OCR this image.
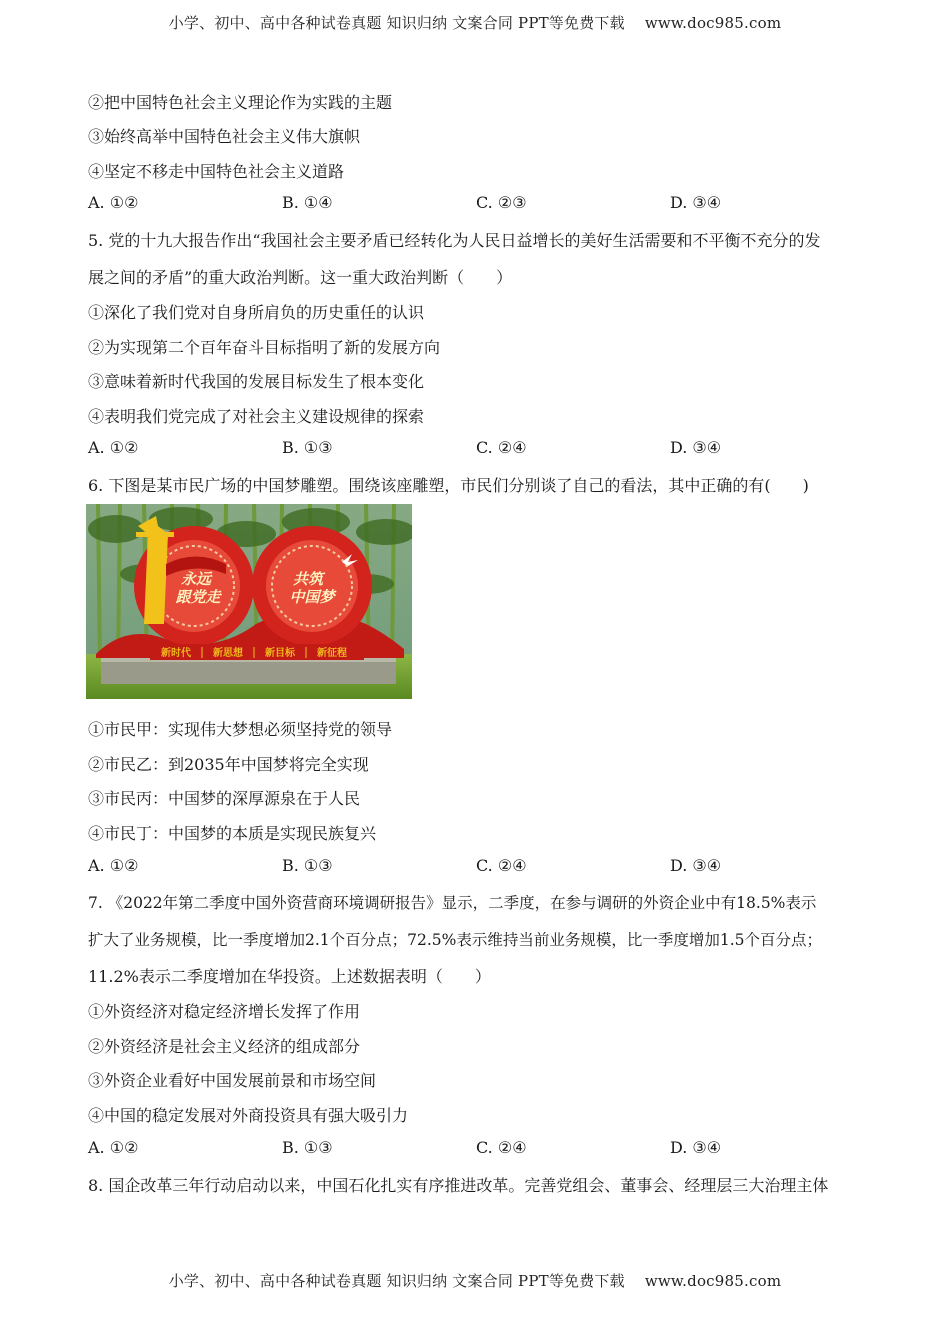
小学、初中、高中各种试卷真题 知识归纳 文案合同 PPT等免费下载 www.doc985.com
②把中国特色社会主义理论作为实践的主题
③始终高举中国特色社会主义伟大旗帜
④坚定不移走中国特色社会主义道路
A. ①②	B. ①④	C. ②③	D. ③④
5. 党的十九大报告作出“我国社会主要矛盾已经转化为人民日益增长的美好生活需要和不平衡不充分的发
展之间的矛盾”的重大政治判断。这一重大政治判断（　　）
①深化了我们党对自身所肩负的历史重任的认识
②为实现第二个百年奋斗目标指明了新的发展方向
③意味着新时代我国的发展目标发生了根本变化
④表明我们党完成了对社会主义建设规律的探索
A. ①②	B. ①③	C. ②④	D. ③④
6. 下图是某市民广场的中国梦雕塑。围绕该座雕塑，市民们分别谈了自己的看法，其中正确的有(　　)
永远
跟党走
共筑
中国梦
新时代 新思想 新目标 新征程
①市民甲：实现伟大梦想必须坚持党的领导
②市民乙：到2035年中国梦将完全实现
③市民丙：中国梦的深厚源泉在于人民
④市民丁：中国梦的本质是实现民族复兴
A. ①②	B. ①③	C. ②④	D. ③④
7. 《2022年第二季度中国外资营商环境调研报告》显示，二季度，在参与调研的外资企业中有18.5%表示
扩大了业务规模，比一季度增加2.1个百分点；72.5%表示维持当前业务规模，比一季度增加1.5个百分点；
11.2%表示二季度增加在华投资。上述数据表明（　　）
①外资经济对稳定经济增长发挥了作用
②外资经济是社会主义经济的组成部分
③外资企业看好中国发展前景和市场空间
④中国的稳定发展对外商投资具有强大吸引力
A. ①②	B. ①③	C. ②④	D. ③④
8. 国企改革三年行动启动以来，中国石化扎实有序推进改革。完善党组会、董事会、经理层三大治理主体
小学、初中、高中各种试卷真题 知识归纳 文案合同 PPT等免费下载 www.doc985.com
